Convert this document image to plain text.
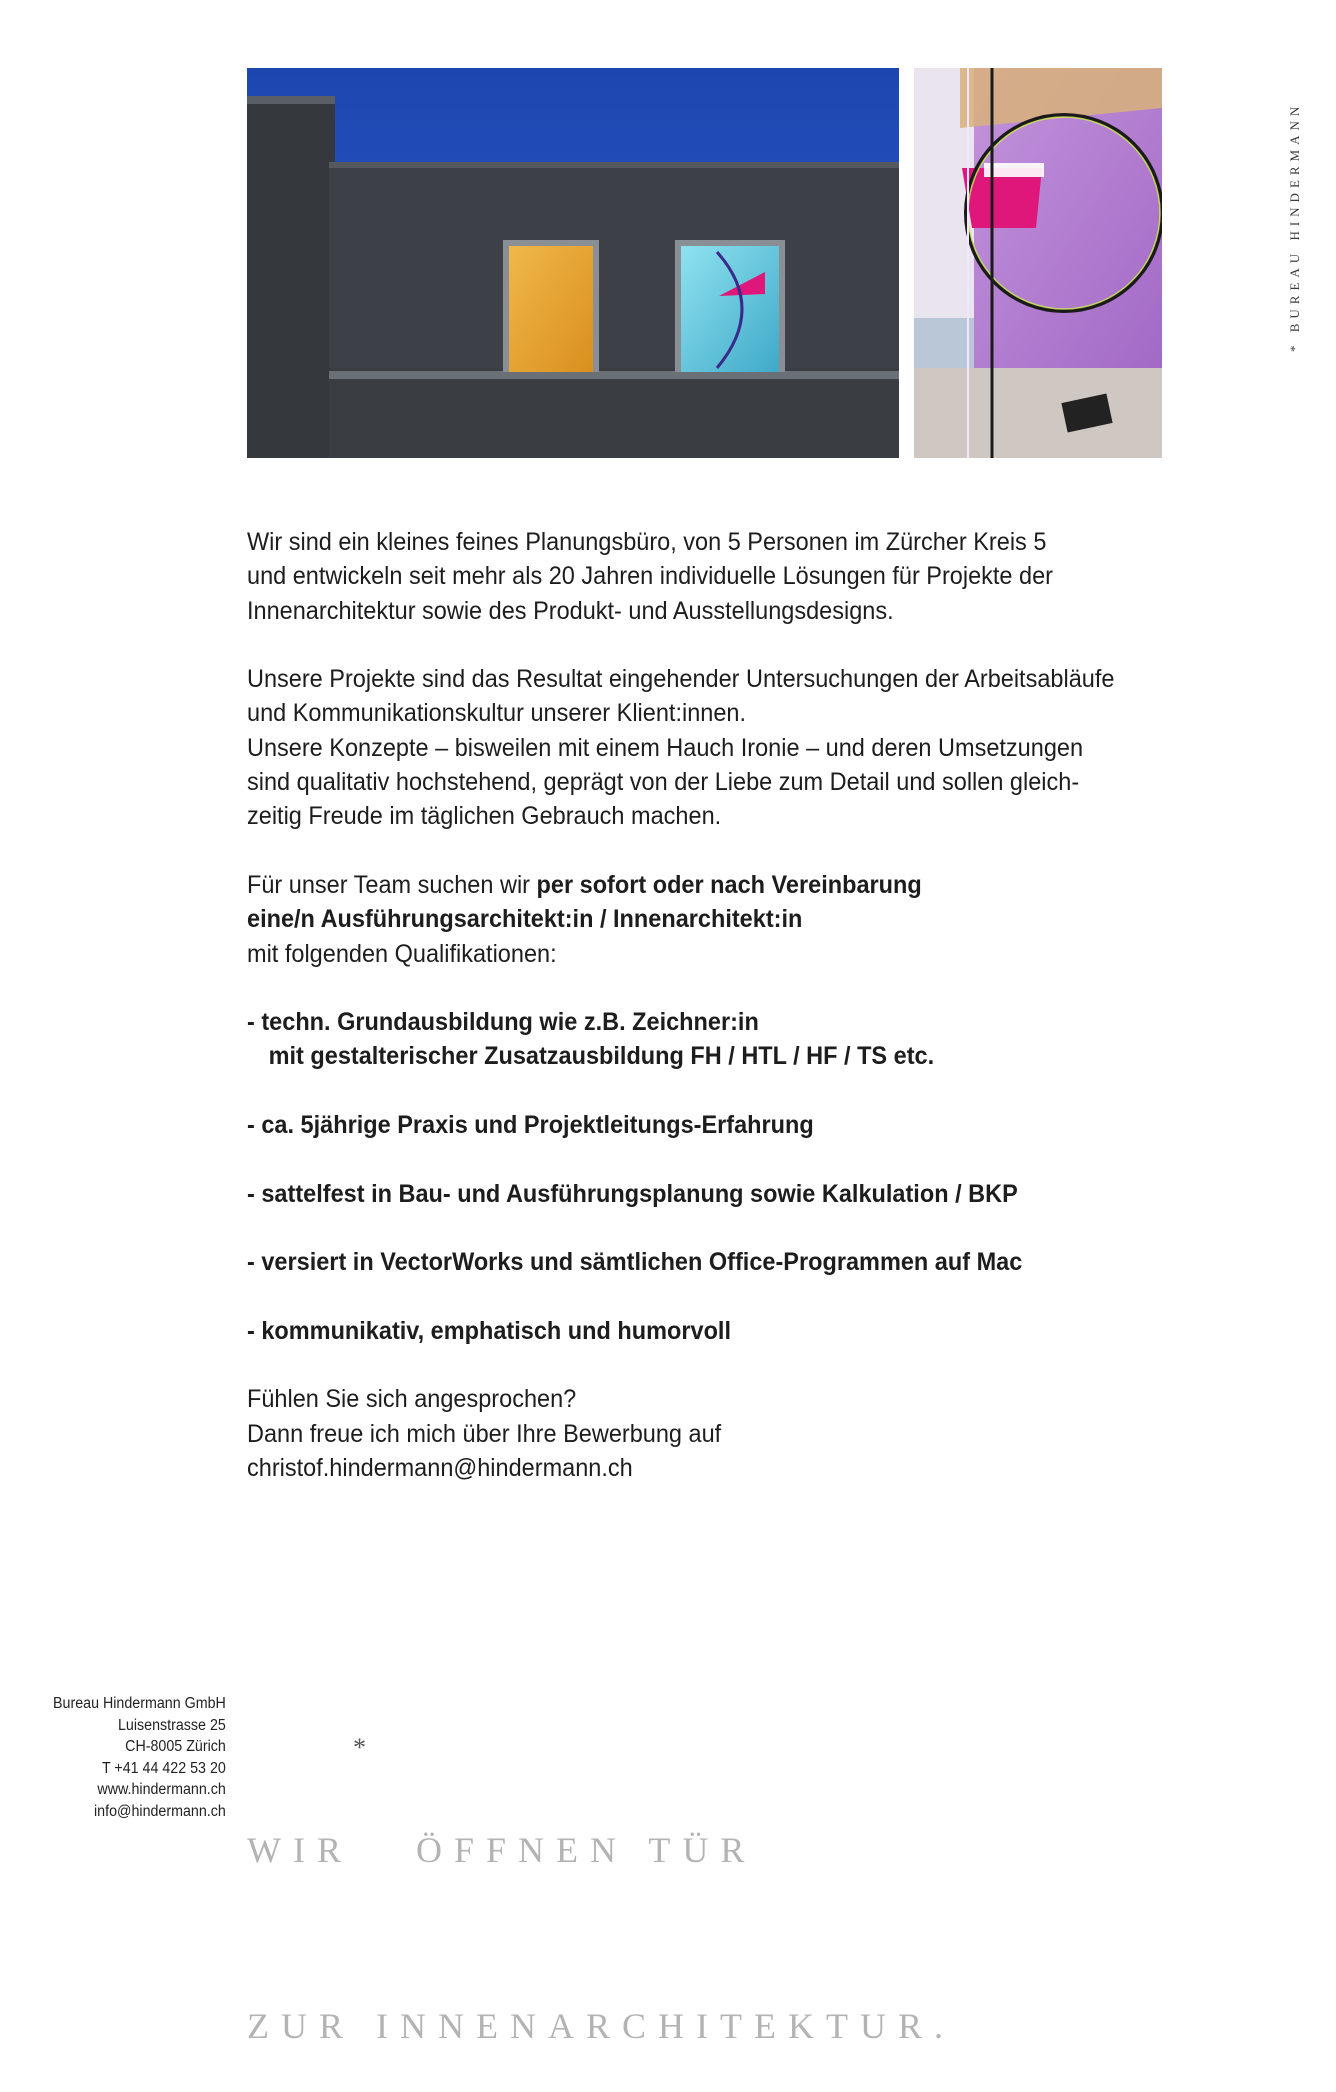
* BUREAU HINDERMANN

Wir sind ein kleines feines Planungsbüro, von 5 Personen im Zürcher Kreis 5
und entwickeln seit mehr als 20 Jahren individuelle Lösungen für Projekte der
Innenarchitektur sowie des Produkt- und Ausstellungsdesigns.

Unsere Projekte sind das Resultat eingehender Untersuchungen der Arbeitsabläufe
und Kommunikationskultur unserer Klient:innen.
Unsere Konzepte – bisweilen mit einem Hauch Ironie – und deren Umsetzungen
sind qualitativ hochstehend, geprägt von der Liebe zum Detail und sollen gleich-
zeitig Freude im täglichen Gebrauch machen.

Für unser Team suchen wir per sofort oder nach Vereinbarung
eine/n Ausführungsarchitekt:in / Innenarchitekt:in
mit folgenden Qualifikationen:

- techn. Grundausbildung wie z.B. Zeichner:in
mit gestalterischer Zusatzausbildung FH / HTL / HF / TS etc.

- ca. 5jährige Praxis und Projektleitungs-Erfahrung

- sattelfest in Bau- und Ausführungsplanung sowie Kalkulation / BKP

- versiert in VectorWorks und sämtlichen Office-Programmen auf Mac

- kommunikativ, emphatisch und humorvoll

Fühlen Sie sich angesprochen?
Dann freue ich mich über Ihre Bewerbung auf
christof.hindermann@hindermann.ch

Bureau Hindermann GmbH
Luisenstrasse 25
CH-8005 Zürich
T +41 44 422 53 20
www.hindermann.ch
info@hindermann.ch

WIR   ÖFFNEN TÜR

*

ZUR INNENARCHITEKTUR.
